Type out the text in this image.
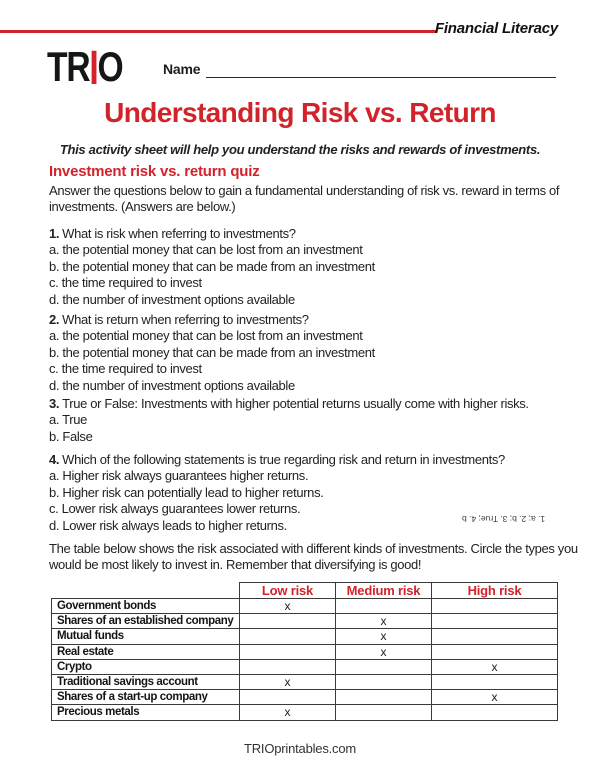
Financial Literacy
TRIO	Name
Understanding Risk vs. Return
This activity sheet will help you understand the risks and rewards of investments.
Investment risk vs. return quiz
Answer the questions below to gain a fundamental understanding of risk vs. reward in terms of investments. (Answers are below.)
1. What is risk when referring to investments?
a. the potential money that can be lost from an investment
b. the potential money that can be made from an investment
c. the time required to invest
d. the number of investment options available
2. What is return when referring to investments?
a. the potential money that can be lost from an investment
b. the potential money that can be made from an investment
c. the time required to invest
d. the number of investment options available
3. True or False: Investments with higher potential returns usually come with higher risks.
a. True
b. False
4. Which of the following statements is true regarding risk and return in investments?
a. Higher risk always guarantees higher returns.
b. Higher risk can potentially lead to higher returns.
c. Lower risk always guarantees lower returns.
d. Lower risk always leads to higher returns.	1. a; 2. b; 3. True; 4. b
The table below shows the risk associated with different kinds of investments. Circle the types you would be most likely to invest in. Remember that diversifying is good!
	Low risk	Medium risk	High risk
Government bonds	x		
Shares of an established company		x	
Mutual funds		x	
Real estate		x	
Crypto			x
Traditional savings account	x		
Shares of a start-up company			x
Precious metals	x		
TRIOprintables.com
